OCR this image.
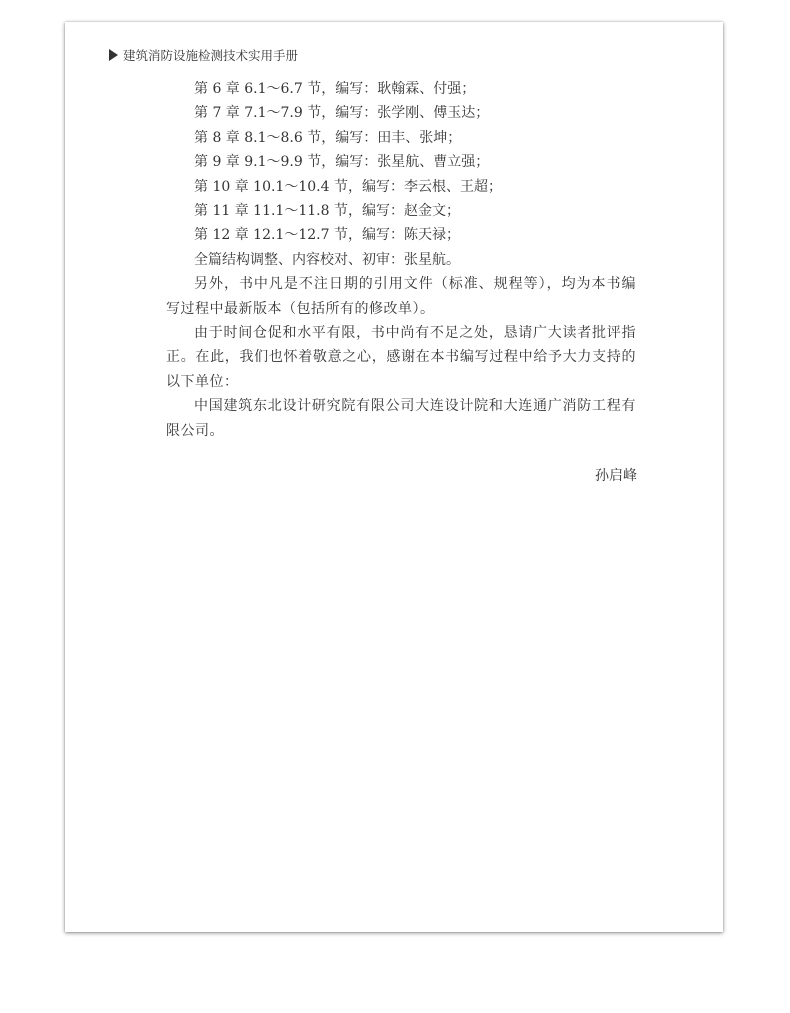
建筑消防设施检测技术实用手册
第 6 章 6.1～6.7 节，编写：耿翰霖、付强；
第 7 章 7.1～7.9 节，编写：张学刚、傅玉达；
第 8 章 8.1～8.6 节，编写：田丰、张坤；
第 9 章 9.1～9.9 节，编写：张星航、曹立强；
第 10 章 10.1～10.4 节，编写：李云根、王超；
第 11 章 11.1～11.8 节，编写：赵金文；
第 12 章 12.1～12.7 节，编写：陈天禄；
全篇结构调整、内容校对、初审：张星航。
另外，书中凡是不注日期的引用文件（标准、规程等），均为本书编写过程中最新版本（包括所有的修改单）。
由于时间仓促和水平有限，书中尚有不足之处，恳请广大读者批评指正。在此，我们也怀着敬意之心，感谢在本书编写过程中给予大力支持的以下单位：
中国建筑东北设计研究院有限公司大连设计院和大连通广消防工程有限公司。
孙启峰
